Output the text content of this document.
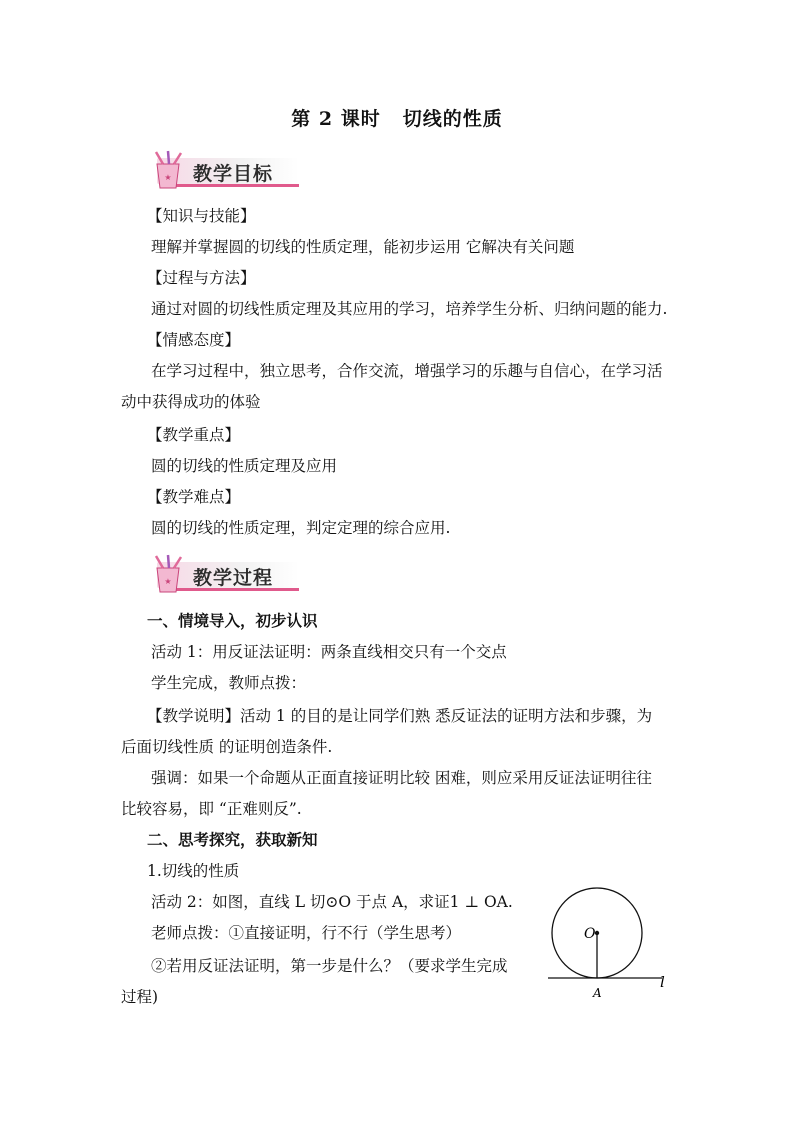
第 2 课时 切线的性质
★ 教学目标
【知识与技能】
理解并掌握圆的切线的性质定理，能初步运用 它解决有关问题
【过程与方法】
通过对圆的切线性质定理及其应用的学习，培养学生分析、归纳问题的能力.
【情感态度】
在学习过程中，独立思考，合作交流，增强学习的乐趣与自信心，在学习活
动中获得成功的体验
【教学重点】
圆的切线的性质定理及应用
【教学难点】
圆的切线的性质定理，判定定理的综合应用.
★ 教学过程
一、情境导入，初步认识
活动 1：用反证法证明：两条直线相交只有一个交点
学生完成，教师点拨：
【教学说明】活动 1 的目的是让同学们熟 悉反证法的证明方法和步骤，为
后面切线性质 的证明创造条件.
强调：如果一个命题从正面直接证明比较 困难，则应采用反证法证明往往
比较容易，即 “正难则反”.
二、思考探究，获取新知
1.切线的性质
活动 2：如图，直线 L 切⊙O 于点 A，求证1 ⊥ OA.
老师点拨：①直接证明，行不行（学生思考）
②若用反证法证明，第一步是什么？（要求学生完成
过程)
O
A
l
